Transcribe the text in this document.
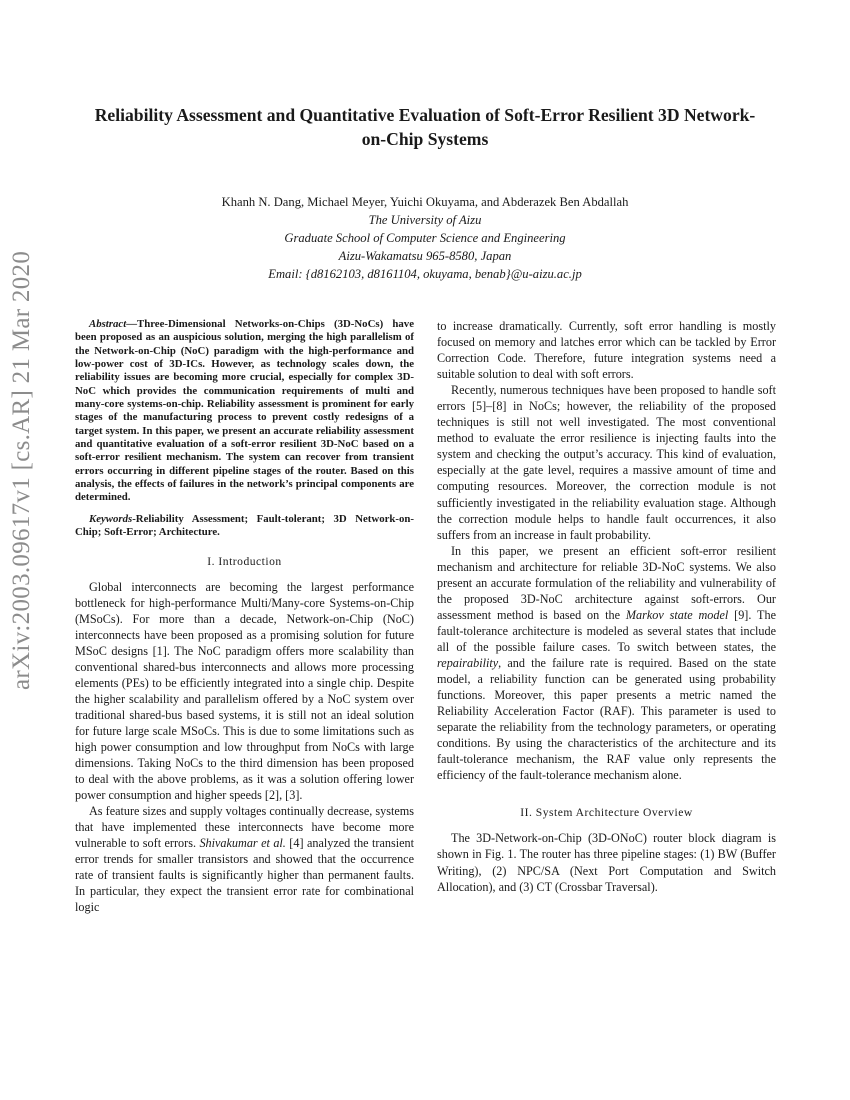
arXiv:2003.09617v1 [cs.AR] 21 Mar 2020
Reliability Assessment and Quantitative Evaluation of Soft-Error Resilient 3D Network-on-Chip Systems
Khanh N. Dang, Michael Meyer, Yuichi Okuyama, and Abderazek Ben Abdallah
The University of Aizu
Graduate School of Computer Science and Engineering
Aizu-Wakamatsu 965-8580, Japan
Email: {d8162103, d8161104, okuyama, benab}@u-aizu.ac.jp

Abstract—Three-Dimensional Networks-on-Chips (3D-NoCs) have been proposed as an auspicious solution, merging the high parallelism of the Network-on-Chip (NoC) paradigm with the high-performance and low-power cost of 3D-ICs. However, as technology scales down, the reliability issues are becoming more crucial, especially for complex 3D-NoC which provides the communication requirements of multi and many-core systems-on-chip. Reliability assessment is prominent for early stages of the manufacturing process to prevent costly redesigns of a target system. In this paper, we present an accurate reliability assessment and quantitative evaluation of a soft-error resilient 3D-NoC based on a soft-error resilient mechanism. The system can recover from transient errors occurring in different pipeline stages of the router. Based on this analysis, the effects of failures in the network’s principal components are determined.

Keywords-Reliability Assessment; Fault-tolerant; 3D Network-on-Chip; Soft-Error; Architecture.

I. Introduction

Global interconnects are becoming the largest performance bottleneck for high-performance Multi/Many-core Systems-on-Chip (MSoCs). For more than a decade, Network-on-Chip (NoC) interconnects have been proposed as a promising solution for future MSoC designs [1]. The NoC paradigm offers more scalability than conventional shared-bus interconnects and allows more processing elements (PEs) to be efficiently integrated into a single chip. Despite the higher scalability and parallelism offered by a NoC system over traditional shared-bus based systems, it is still not an ideal solution for future large scale MSoCs. This is due to some limitations such as high power consumption and low throughput from NoCs with large dimensions. Taking NoCs to the third dimension has been proposed to deal with the above problems, as it was a solution offering lower power consumption and higher speeds [2], [3].

As feature sizes and supply voltages continually decrease, systems that have implemented these interconnects have become more vulnerable to soft errors. Shivakumar et al. [4] analyzed the transient error trends for smaller transistors and showed that the occurrence rate of transient faults is significantly higher than permanent faults. In particular, they expect the transient error rate for combinational logic

to increase dramatically. Currently, soft error handling is mostly focused on memory and latches error which can be tackled by Error Correction Code. Therefore, future integration systems need a suitable solution to deal with soft errors.

Recently, numerous techniques have been proposed to handle soft errors [5]–[8] in NoCs; however, the reliability of the proposed techniques is still not well investigated. The most conventional method to evaluate the error resilience is injecting faults into the system and checking the output’s accuracy. This kind of evaluation, especially at the gate level, requires a massive amount of time and computing resources. Moreover, the correction module is not sufficiently investigated in the reliability evaluation stage. Although the correction module helps to handle fault occurrences, it also suffers from an increase in fault probability.

In this paper, we present an efficient soft-error resilient mechanism and architecture for reliable 3D-NoC systems. We also present an accurate formulation of the reliability and vulnerability of the proposed 3D-NoC architecture against soft-errors. Our assessment method is based on the Markov state model [9]. The fault-tolerance architecture is modeled as several states that include all of the possible failure cases. To switch between states, the repairability, and the failure rate is required. Based on the state model, a reliability function can be generated using probability functions. Moreover, this paper presents a metric named the Reliability Acceleration Factor (RAF). This parameter is used to separate the reliability from the technology parameters, or operating conditions. By using the characteristics of the architecture and its fault-tolerance mechanism, the RAF value only represents the efficiency of the fault-tolerance mechanism alone.

II. System Architecture Overview

The 3D-Network-on-Chip (3D-ONoC) router block diagram is shown in Fig. 1. The router has three pipeline stages: (1) BW (Buffer Writing), (2) NPC/SA (Next Port Computation and Switch Allocation), and (3) CT (Crossbar Traversal).
